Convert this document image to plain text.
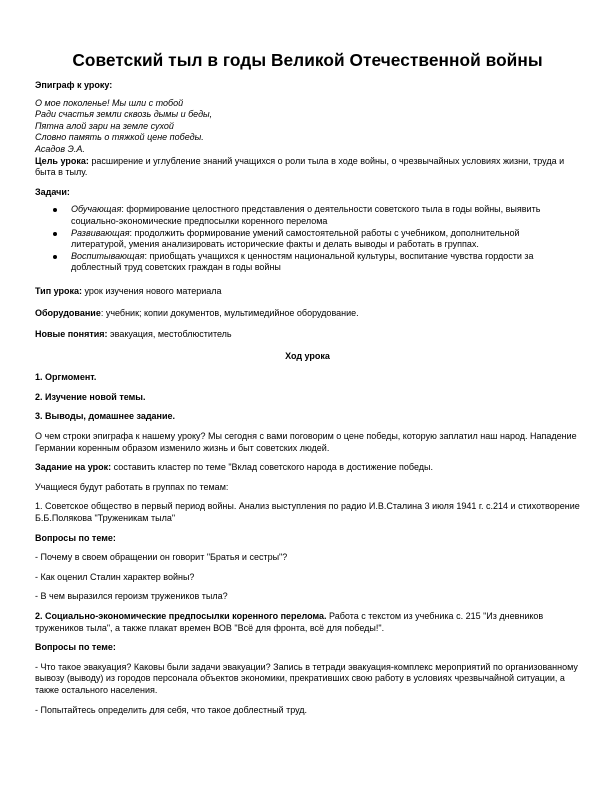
Советский тыл в годы Великой Отечественной войны

Эпиграф к уроку:

О мое поколенье! Мы шли с тобой

Ради счастья земли сквозь дымы и беды,

Пятна алой зари на земле сухой

Словно память о тяжкой цене победы.

Асадов Э.А.

Цель урока: расширение и углубление знаний учащихся о роли тыла в ходе войны, о чрезвычайных условиях жизни, труда и быта в тылу.

Задачи:

Обучающая: формирование целостного представления о деятельности советского тыла в годы войны, выявить социально-экономические предпосылки коренного перелома
Развивающая: продолжить формирование умений самостоятельной работы с учебником, дополнительной литературой, умения анализировать исторические факты и делать выводы и работать в группах.
Воспитывающая: приобщать учащихся к ценностям национальной культуры, воспитание чувства гордости за доблестный труд советских граждан в годы войны

Тип урока: урок изучения нового материала

Оборудование: учебник; копии документов, мультимедийное оборудование.

Новые понятия: эвакуация, местоблюститель

Ход урока

1. Оргмомент.

2. Изучение новой темы.

3. Выводы, домашнее задание.

О чем строки эпиграфа к нашему уроку? Мы сегодня с вами поговорим о цене победы, которую заплатил наш народ. Нападение Германии коренным образом изменило жизнь и быт советских людей.

Задание на урок: составить кластер по теме "Вклад советского народа в достижение победы.

Учащиеся будут работать в группах по темам:

1. Советское общество в первый период войны. Анализ выступления по радио И.В.Сталина 3 июля 1941 г. с.214 и стихотворение Б.Б.Полякова "Труженикам тыла"

Вопросы по теме:

- Почему в своем обращении он говорит "Братья и сестры"?

- Как оценил Сталин характер войны?

- В чем выразился героизм тружеников тыла?

2. Социально-экономические предпосылки коренного перелома. Работа с текстом из учебника с. 215 "Из дневников тружеников тыла", а также плакат времен ВОВ "Всё для фронта, всё для победы!".

Вопросы по теме:

- Что такое эвакуация? Каковы были задачи эвакуации? Запись в тетради эвакуация-комплекс мероприятий по организованному вывозу (выводу) из городов персонала объектов экономики, прекративших свою работу в условиях чрезвычайной ситуации, а также остального населения.

- Попытайтесь определить для себя, что такое доблестный труд.
